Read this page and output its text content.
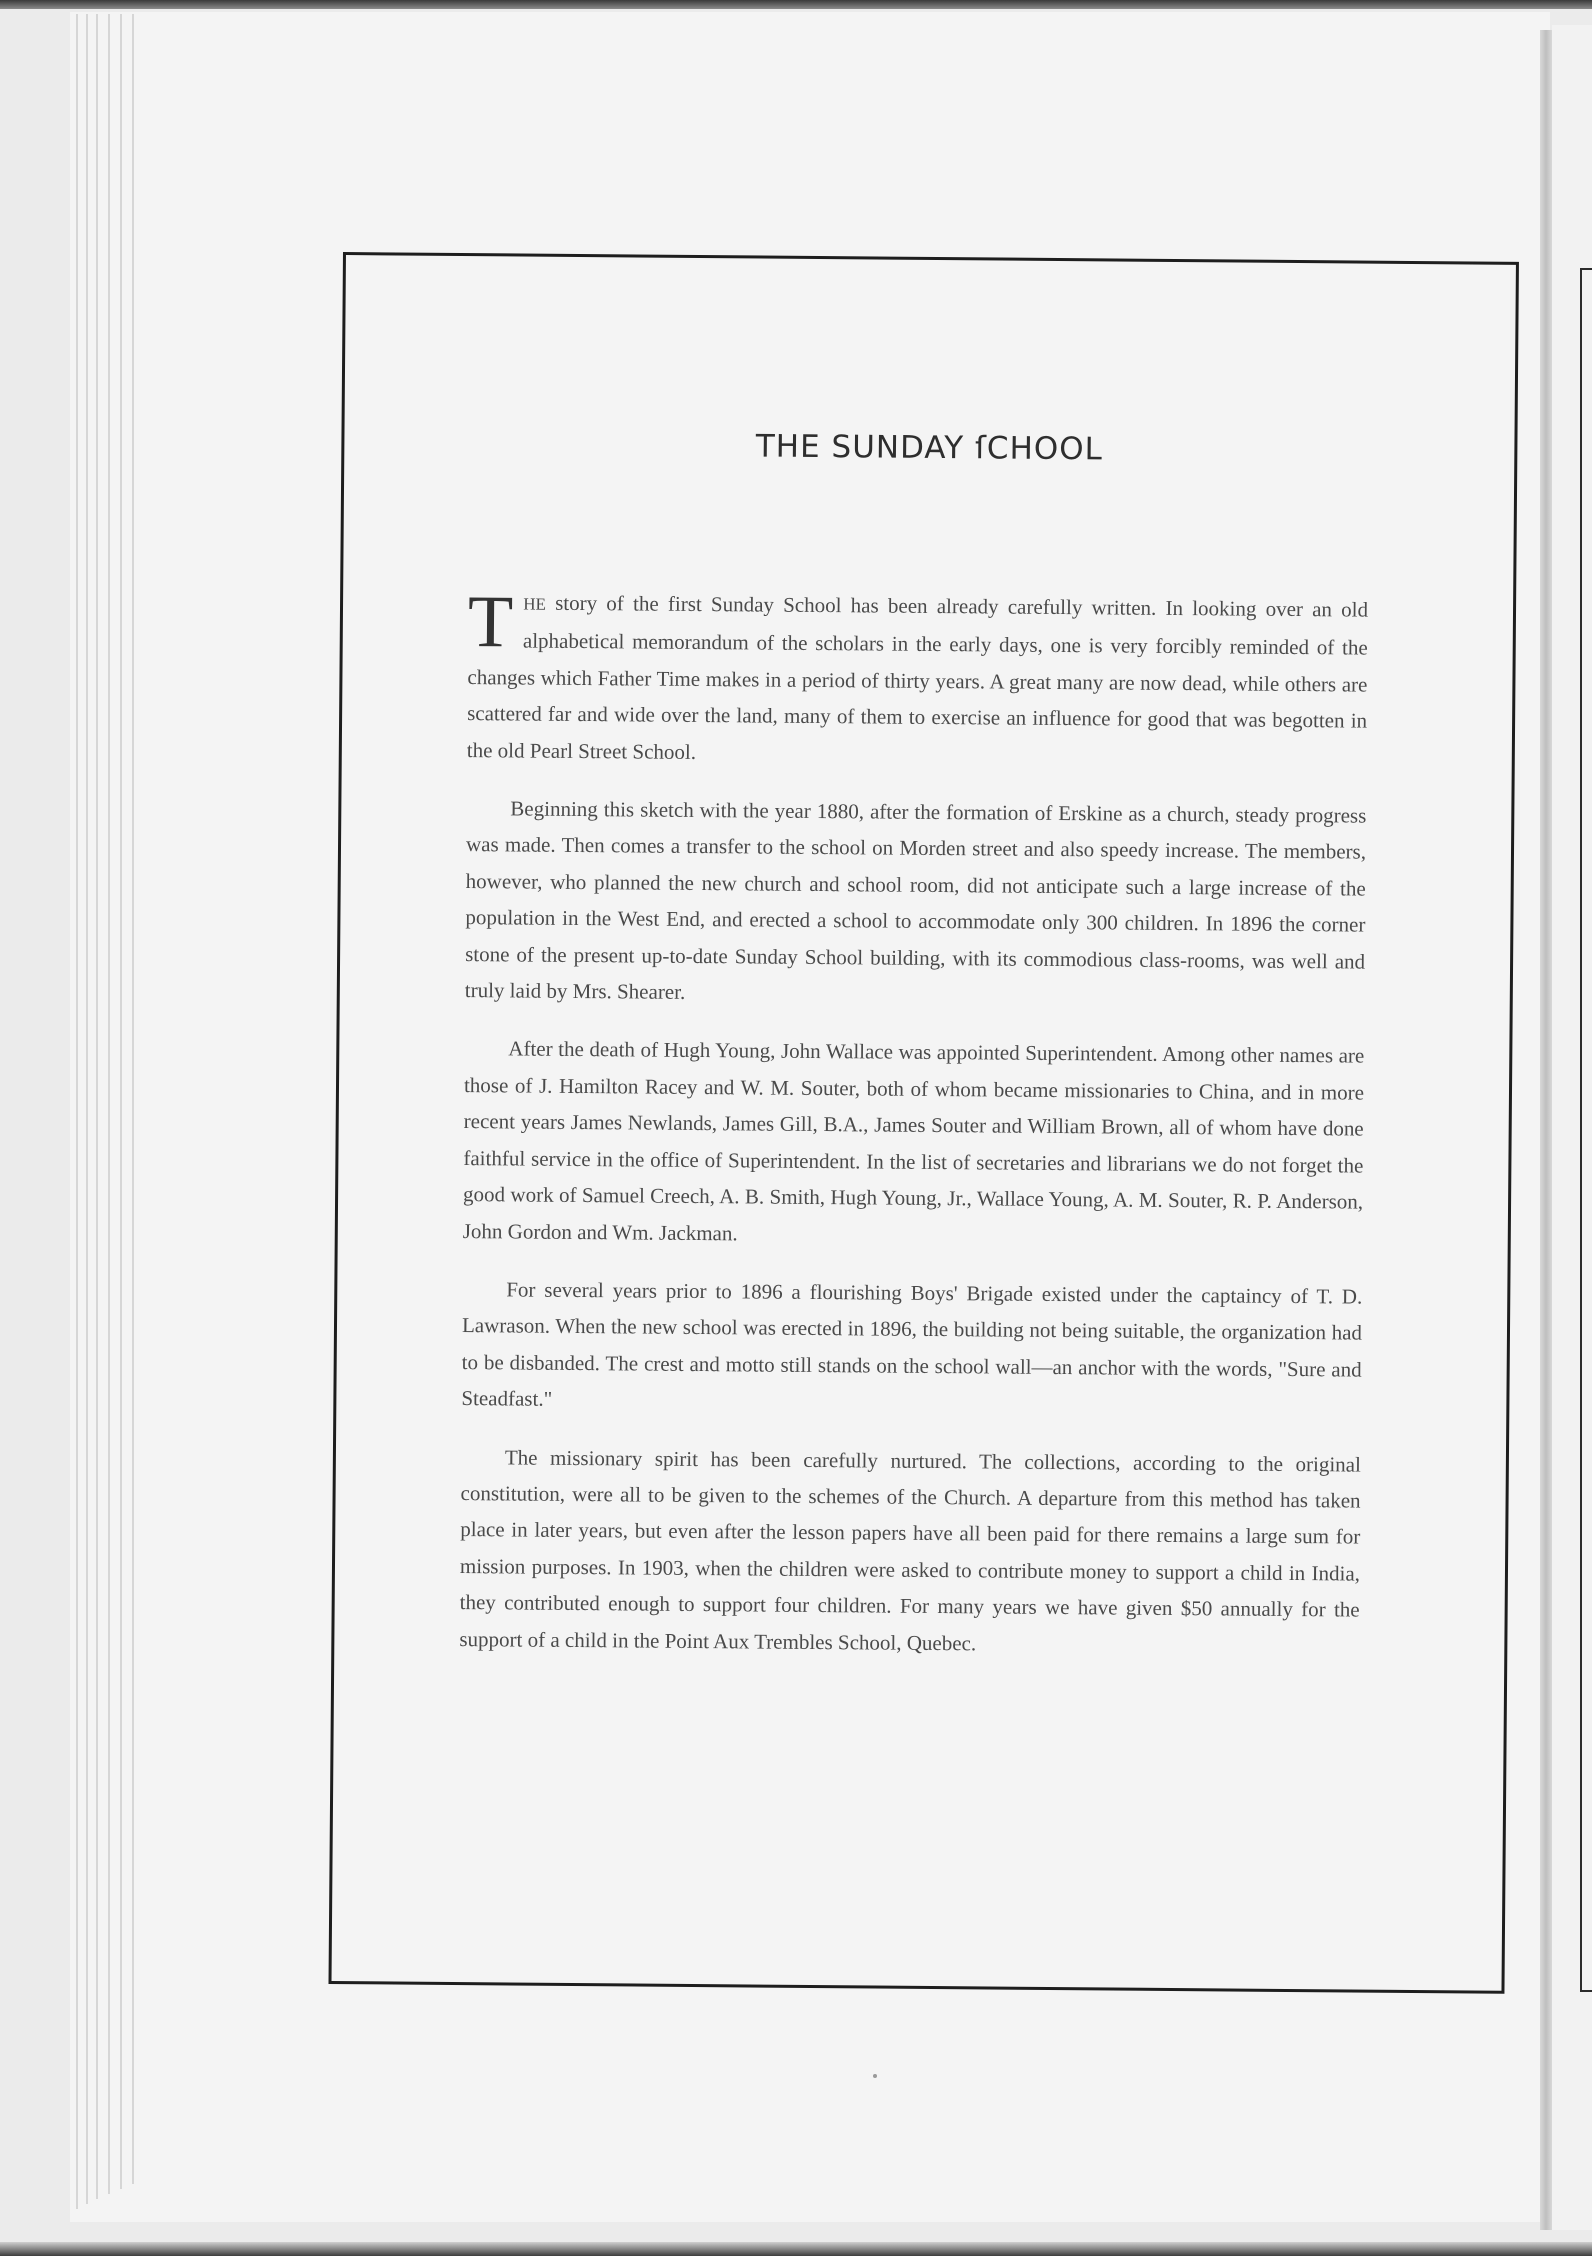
THE SUNDAY ſCHOOL

THE story of the first Sunday School has been already carefully written. In looking over an old alphabetical memorandum of the scholars in the early days, one is very forcibly reminded of the changes which Father Time makes in a period of thirty years. A great many are now dead, while others are scattered far and wide over the land, many of them to exercise an influence for good that was begotten in the old Pearl Street School.

Beginning this sketch with the year 1880, after the formation of Erskine as a church, steady progress was made. Then comes a transfer to the school on Morden street and also speedy increase. The members, however, who planned the new church and school room, did not anticipate such a large increase of the population in the West End, and erected a school to accommodate only 300 children. In 1896 the corner stone of the present up-to-date Sunday School building, with its commodious class-rooms, was well and truly laid by Mrs. Shearer.

After the death of Hugh Young, John Wallace was appointed Superintendent. Among other names are those of J. Hamilton Racey and W. M. Souter, both of whom became missionaries to China, and in more recent years James Newlands, James Gill, B.A., James Souter and William Brown, all of whom have done faithful service in the office of Superintendent. In the list of secretaries and librarians we do not forget the good work of Samuel Creech, A. B. Smith, Hugh Young, Jr., Wallace Young, A. M. Souter, R. P. Anderson, John Gordon and Wm. Jackman.

For several years prior to 1896 a flourishing Boys' Brigade existed under the captaincy of T. D. Lawrason. When the new school was erected in 1896, the building not being suitable, the organization had to be disbanded. The crest and motto still stands on the school wall—an anchor with the words, "Sure and Steadfast."

The missionary spirit has been carefully nurtured. The collections, according to the original constitution, were all to be given to the schemes of the Church. A departure from this method has taken place in later years, but even after the lesson papers have all been paid for there remains a large sum for mission purposes. In 1903, when the children were asked to contribute money to support a child in India, they contributed enough to support four children. For many years we have given $50 annually for the support of a child in the Point Aux Trembles School, Quebec.
